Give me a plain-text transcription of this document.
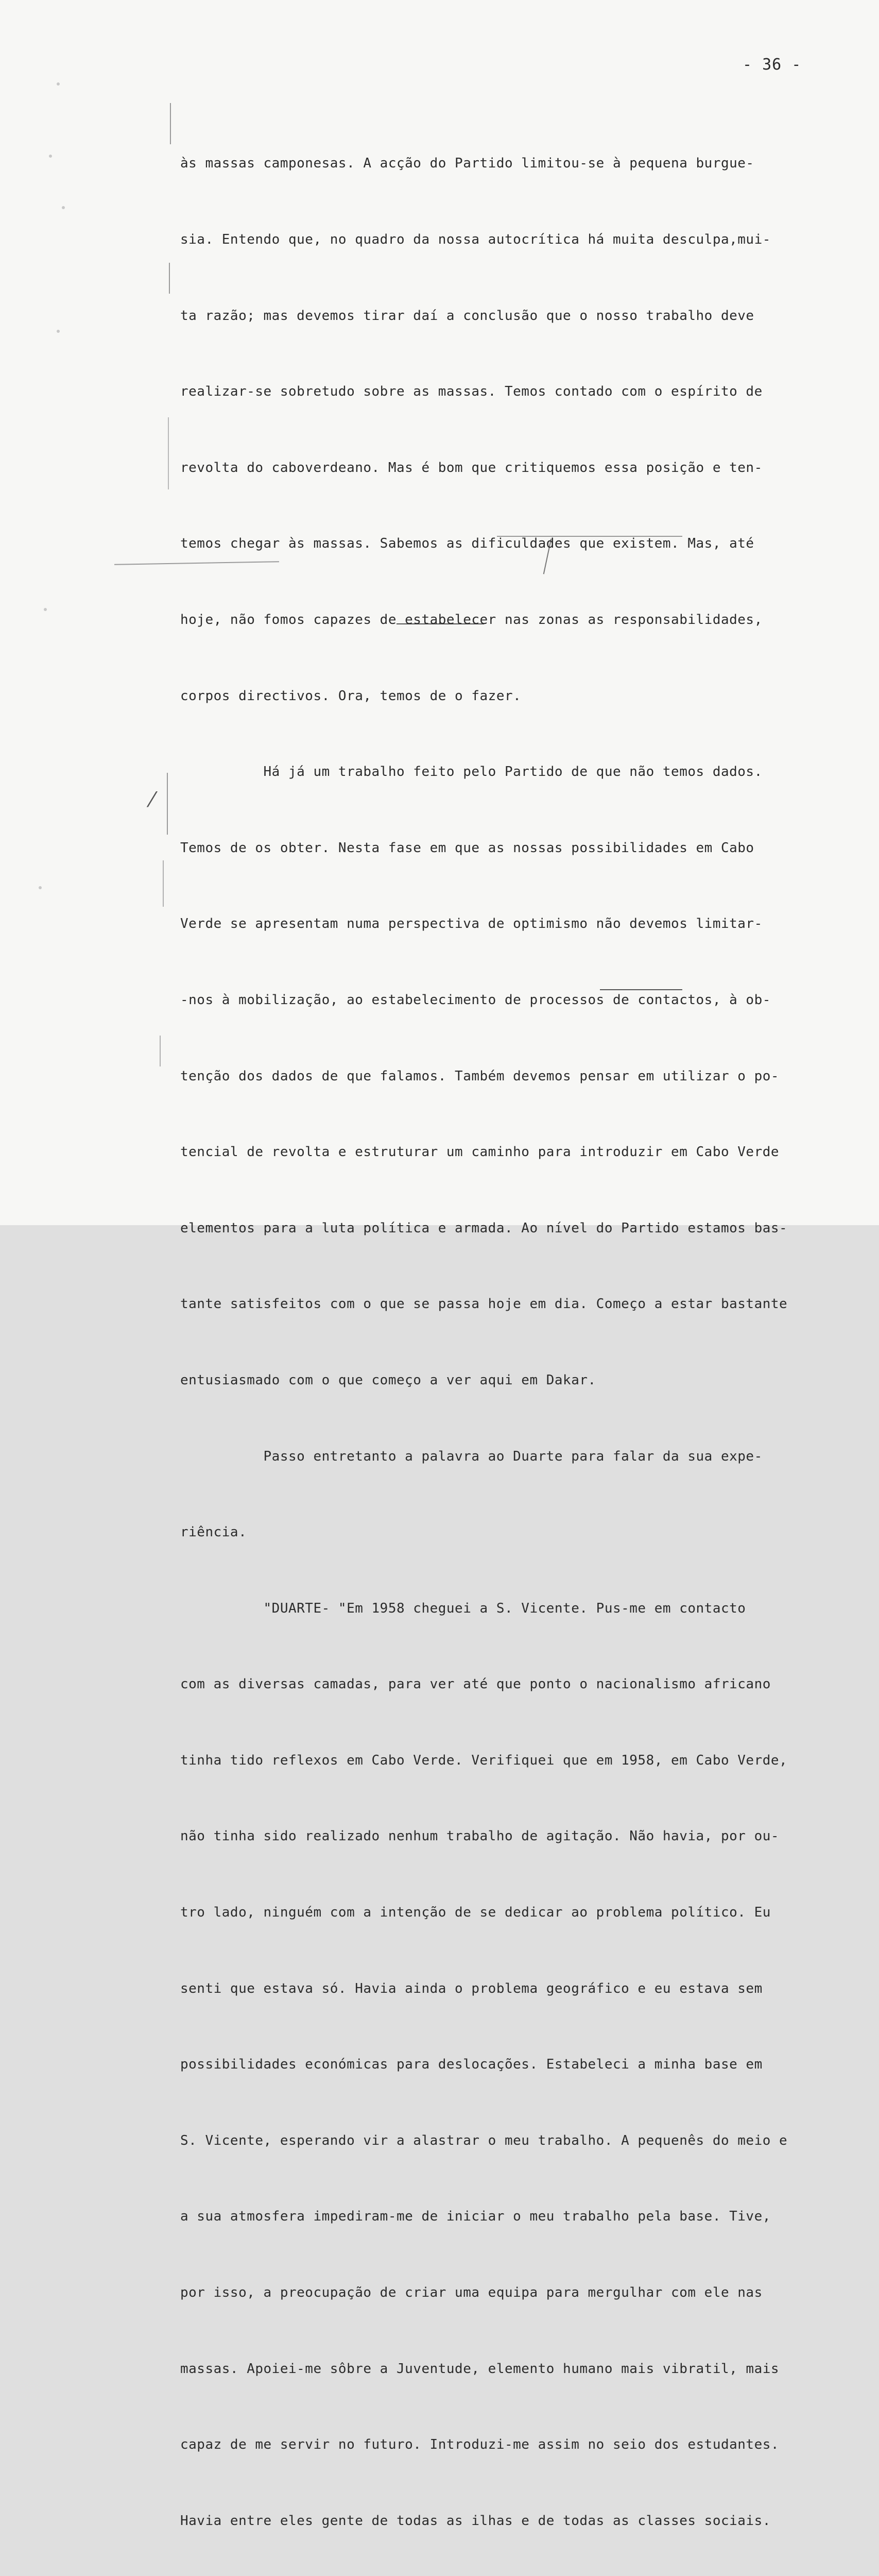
- 36 -
⁄

às massas camponesas. A acção do Partido limitou-se à pequena burgue-

sia. Entendo que, no quadro da nossa autocrítica há muita desculpa,mui-

ta razão; mas devemos tirar daí a conclusão que o nosso trabalho deve

realizar-se sobretudo sobre as massas. Temos contado com o espírito de

revolta do caboverdeano. Mas é bom que critiquemos essa posição e ten-

temos chegar às massas. Sabemos as dificuldades que existem. Mas, até

hoje, não fomos capazes de estabelecer nas zonas as responsabilidades,

corpos directivos. Ora, temos de o fazer.

Há já um trabalho feito pelo Partido de que não temos dados.

Temos de os obter. Nesta fase em que as nossas possibilidades em Cabo

Verde se apresentam numa perspectiva de optimismo não devemos limitar-

-nos à mobilização, ao estabelecimento de processos de contactos, à ob-

tenção dos dados de que falamos. Também devemos pensar em utilizar o po-

tencial de revolta e estruturar um caminho para introduzir em Cabo Verde

elementos para a luta política e armada. Ao nível do Partido estamos bas-

tante satisfeitos com o que se passa hoje em dia. Começo a estar bastante

entusiasmado com o que começo a ver aqui em Dakar.

Passo entretanto a palavra ao Duarte para falar da sua expe-

riência.

"DUARTE- "Em 1958 cheguei a S. Vicente. Pus-me em contacto

com as diversas camadas, para ver até que ponto o nacionalismo africano

tinha tido reflexos em Cabo Verde. Verifiquei que em 1958, em Cabo Verde,

não tinha sido realizado nenhum trabalho de agitação. Não havia, por ou-

tro lado, ninguém com a intenção de se dedicar ao problema político. Eu

senti que estava só. Havia ainda o problema geográfico e eu estava sem

possibilidades económicas para deslocações. Estabeleci a minha base em

S. Vicente, esperando vir a alastrar o meu trabalho. A pequenês do meio e

a sua atmosfera impediram-me de iniciar o meu trabalho pela base. Tive,

por isso, a preocupação de criar uma equipa para mergulhar com ele nas

massas. Apoiei-me sôbre a Juventude, elemento humano mais vibratil, mais

capaz de me servir no futuro. Introduzi-me assim no seio dos estudantes.

Havia entre eles gente de todas as ilhas e de todas as classes sociais.
